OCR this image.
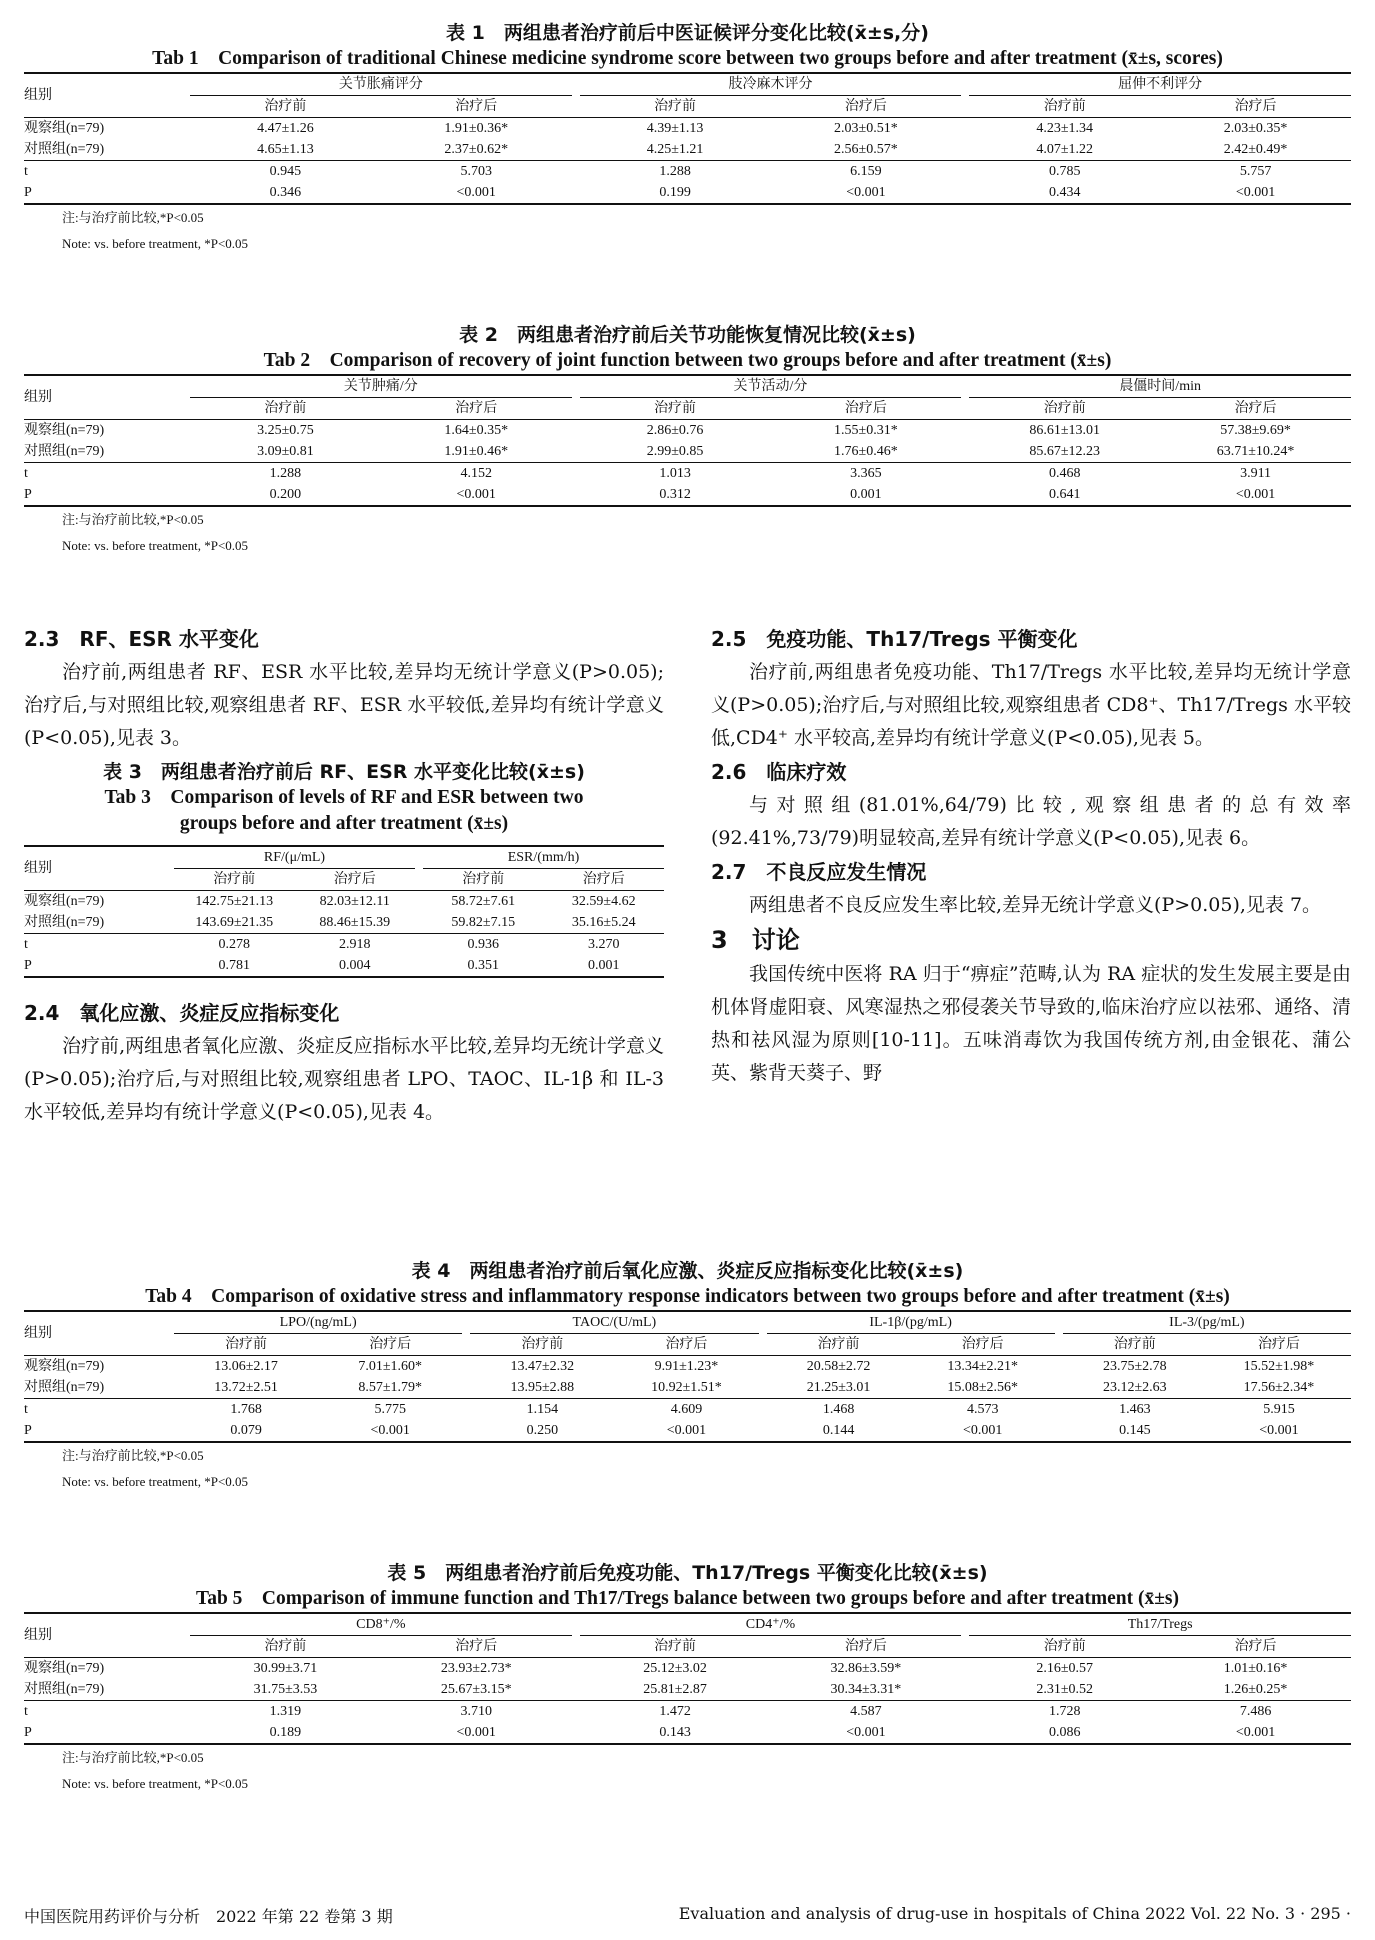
表 1　两组患者治疗前后中医证候评分变化比较(x̄±s,分)
Tab 1　Comparison of traditional Chinese medicine syndrome score between two groups before and after treatment (x̄±s, scores)
组别	关节胀痛评分			肢冷麻木评分			屈伸不利评分	
	治疗前	治疗后		治疗前	治疗后		治疗前	治疗后
观察组(n=79)	4.47±1.26	1.91±0.36*		4.39±1.13	2.03±0.51*		4.23±1.34	2.03±0.35*
对照组(n=79)	4.65±1.13	2.37±0.62*		4.25±1.21	2.56±0.57*		4.07±1.22	2.42±0.49*
t	0.945	5.703		1.288	6.159		0.785	5.757
P	0.346	<0.001		0.199	<0.001		0.434	<0.001
注:与治疗前比较,*P<0.05
Note: vs. before treatment, *P<0.05
表 2　两组患者治疗前后关节功能恢复情况比较(x̄±s)
Tab 2　Comparison of recovery of joint function between two groups before and after treatment (x̄±s)
组别	关节肿痛/分			关节活动/分			晨僵时间/min	
	治疗前	治疗后		治疗前	治疗后		治疗前	治疗后
观察组(n=79)	3.25±0.75	1.64±0.35*		2.86±0.76	1.55±0.31*		86.61±13.01	57.38±9.69*
对照组(n=79)	3.09±0.81	1.91±0.46*		2.99±0.85	1.76±0.46*		85.67±12.23	63.71±10.24*
t	1.288	4.152		1.013	3.365		0.468	3.911
P	0.200	<0.001		0.312	0.001		0.641	<0.001
注:与治疗前比较,*P<0.05
Note: vs. before treatment, *P<0.05
2.3　RF、ESR 水平变化

治疗前,两组患者 RF、ESR 水平比较,差异均无统计学意义(P>0.05);治疗后,与对照组比较,观察组患者 RF、ESR 水平较低,差异均有统计学意义(P<0.05),见表 3。

表 3　两组患者治疗前后 RF、ESR 水平变化比较(x̄±s)
Tab 3　Comparison of levels of RF and ESR between two
groups before and after treatment (x̄±s)
组别	RF/(μ/mL)			ESR/(mm/h)	
	治疗前	治疗后		治疗前	治疗后
观察组(n=79)	142.75±21.13	82.03±12.11		58.72±7.61	32.59±4.62
对照组(n=79)	143.69±21.35	88.46±15.39		59.82±7.15	35.16±5.24
t	0.278	2.918		0.936	3.270
P	0.781	0.004		0.351	0.001
2.4　氧化应激、炎症反应指标变化

治疗前,两组患者氧化应激、炎症反应指标水平比较,差异均无统计学意义(P>0.05);治疗后,与对照组比较,观察组患者 LPO、TAOC、IL-1β 和 IL-3 水平较低,差异均有统计学意义(P<0.05),见表 4。

2.5　免疫功能、Th17/Tregs 平衡变化

治疗前,两组患者免疫功能、Th17/Tregs 水平比较,差异均无统计学意义(P>0.05);治疗后,与对照组比较,观察组患者 CD8⁺、Th17/Tregs 水平较低,CD4⁺ 水平较高,差异均有统计学意义(P<0.05),见表 5。

2.6　临床疗效

与对照组(81.01%,64/79)比较,观察组患者的总有效率(92.41%,73/79)明显较高,差异有统计学意义(P<0.05),见表 6。

2.7　不良反应发生情况

两组患者不良反应发生率比较,差异无统计学意义(P>0.05),见表 7。

3　讨论

我国传统中医将 RA 归于“痹症”范畴,认为 RA 症状的发生发展主要是由机体肾虚阳衰、风寒湿热之邪侵袭关节导致的,临床治疗应以祛邪、通络、清热和祛风湿为原则[10-11]。五味消毒饮为我国传统方剂,由金银花、蒲公英、紫背天葵子、野

表 4　两组患者治疗前后氧化应激、炎症反应指标变化比较(x̄±s)
Tab 4　Comparison of oxidative stress and inflammatory response indicators between two groups before and after treatment (x̄±s)
组别	LPO/(ng/mL)			TAOC/(U/mL)			IL-1β/(pg/mL)			IL-3/(pg/mL)	
	治疗前	治疗后		治疗前	治疗后		治疗前	治疗后		治疗前	治疗后
观察组(n=79)	13.06±2.17	7.01±1.60*		13.47±2.32	9.91±1.23*		20.58±2.72	13.34±2.21*		23.75±2.78	15.52±1.98*
对照组(n=79)	13.72±2.51	8.57±1.79*		13.95±2.88	10.92±1.51*		21.25±3.01	15.08±2.56*		23.12±2.63	17.56±2.34*
t	1.768	5.775		1.154	4.609		1.468	4.573		1.463	5.915
P	0.079	<0.001		0.250	<0.001		0.144	<0.001		0.145	<0.001
注:与治疗前比较,*P<0.05
Note: vs. before treatment, *P<0.05
表 5　两组患者治疗前后免疫功能、Th17/Tregs 平衡变化比较(x̄±s)
Tab 5　Comparison of immune function and Th17/Tregs balance between two groups before and after treatment (x̄±s)
组别	CD8⁺/%			CD4⁺/%			Th17/Tregs	
	治疗前	治疗后		治疗前	治疗后		治疗前	治疗后
观察组(n=79)	30.99±3.71	23.93±2.73*		25.12±3.02	32.86±3.59*		2.16±0.57	1.01±0.16*
对照组(n=79)	31.75±3.53	25.67±3.15*		25.81±2.87	30.34±3.31*		2.31±0.52	1.26±0.25*
t	1.319	3.710		1.472	4.587		1.728	7.486
P	0.189	<0.001		0.143	<0.001		0.086	<0.001
注:与治疗前比较,*P<0.05
Note: vs. before treatment, *P<0.05
中国医院用药评价与分析　2022 年第 22 卷第 3 期	Evaluation and analysis of drug-use in hospitals of China 2022 Vol. 22 No. 3 · 295 ·
